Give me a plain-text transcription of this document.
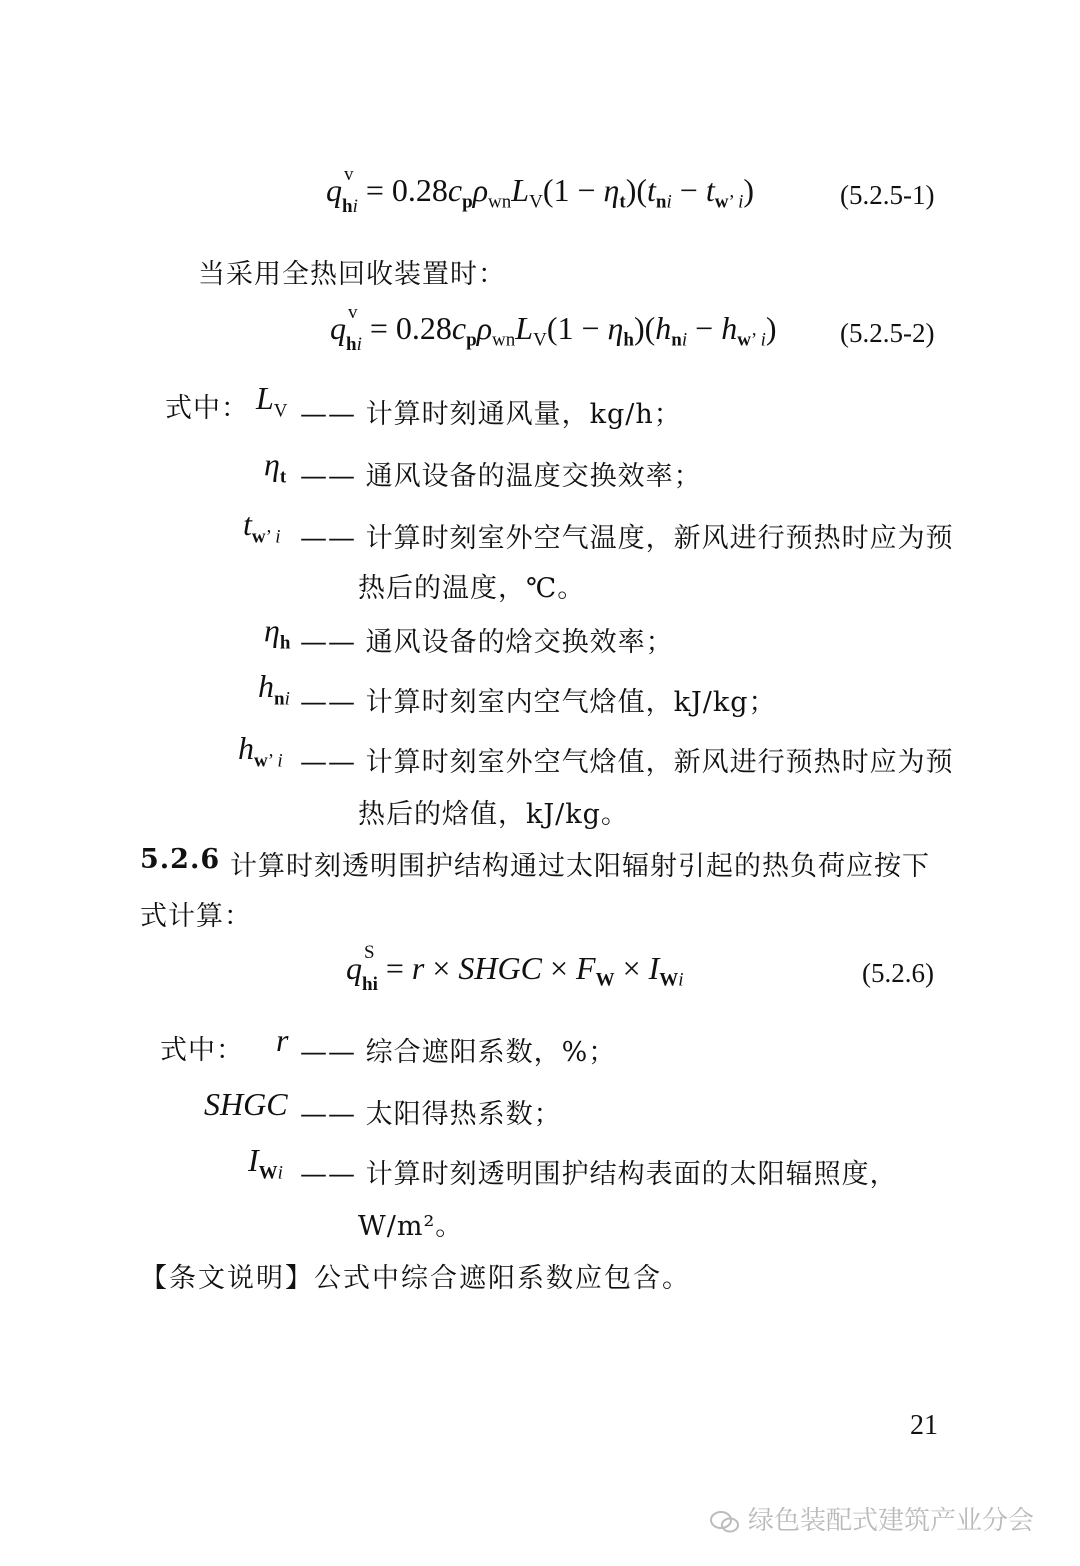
q v
$_{hi} = 0.28c_p\rho_{wn}L_V(1 - \eta_t)(t_{ni} - t_{w’ i})$	(5.2.5-1)
当采用全热回收装置时：
q v
$_{hi} = 0.28c_p\rho_{wn}L_V(1 - \eta_h)(h_{ni} - h_{w’ i})$ (5.2.5-2)
式中： $L_V$ —— 计算时刻通风量，kg/h；
$\eta_t$ —— 通风设备的温度交换效率；
$t_{w’ i}$ —— 计算时刻室外空气温度，新风进行预热时应为预
热后的温度，℃。
$\eta_h$ —— 通风设备的焓交换效率；
$h_{ni}$ —— 计算时刻室内空气焓值，kJ/kg；
$h_{w’ i}$ —— 计算时刻室外空气焓值，新风进行预热时应为预
热后的焓值，kJ/kg。
5.2.6 计算时刻透明围护结构通过太阳辐射引起的热负荷应按下
式计算：
q S
$_{hi}$ = r × SHGC × $F_W \times I_{Wi}$	(5.2.6)
式中： r —— 综合遮阳系数，%；
SHGC —— 太阳得热系数；
$I_{Wi}$ —— 计算时刻透明围护结构表面的太阳辐照度，
W/m²。
【条文说明】公式中综合遮阳系数应包含。
21
绿色装配式建筑产业分会
